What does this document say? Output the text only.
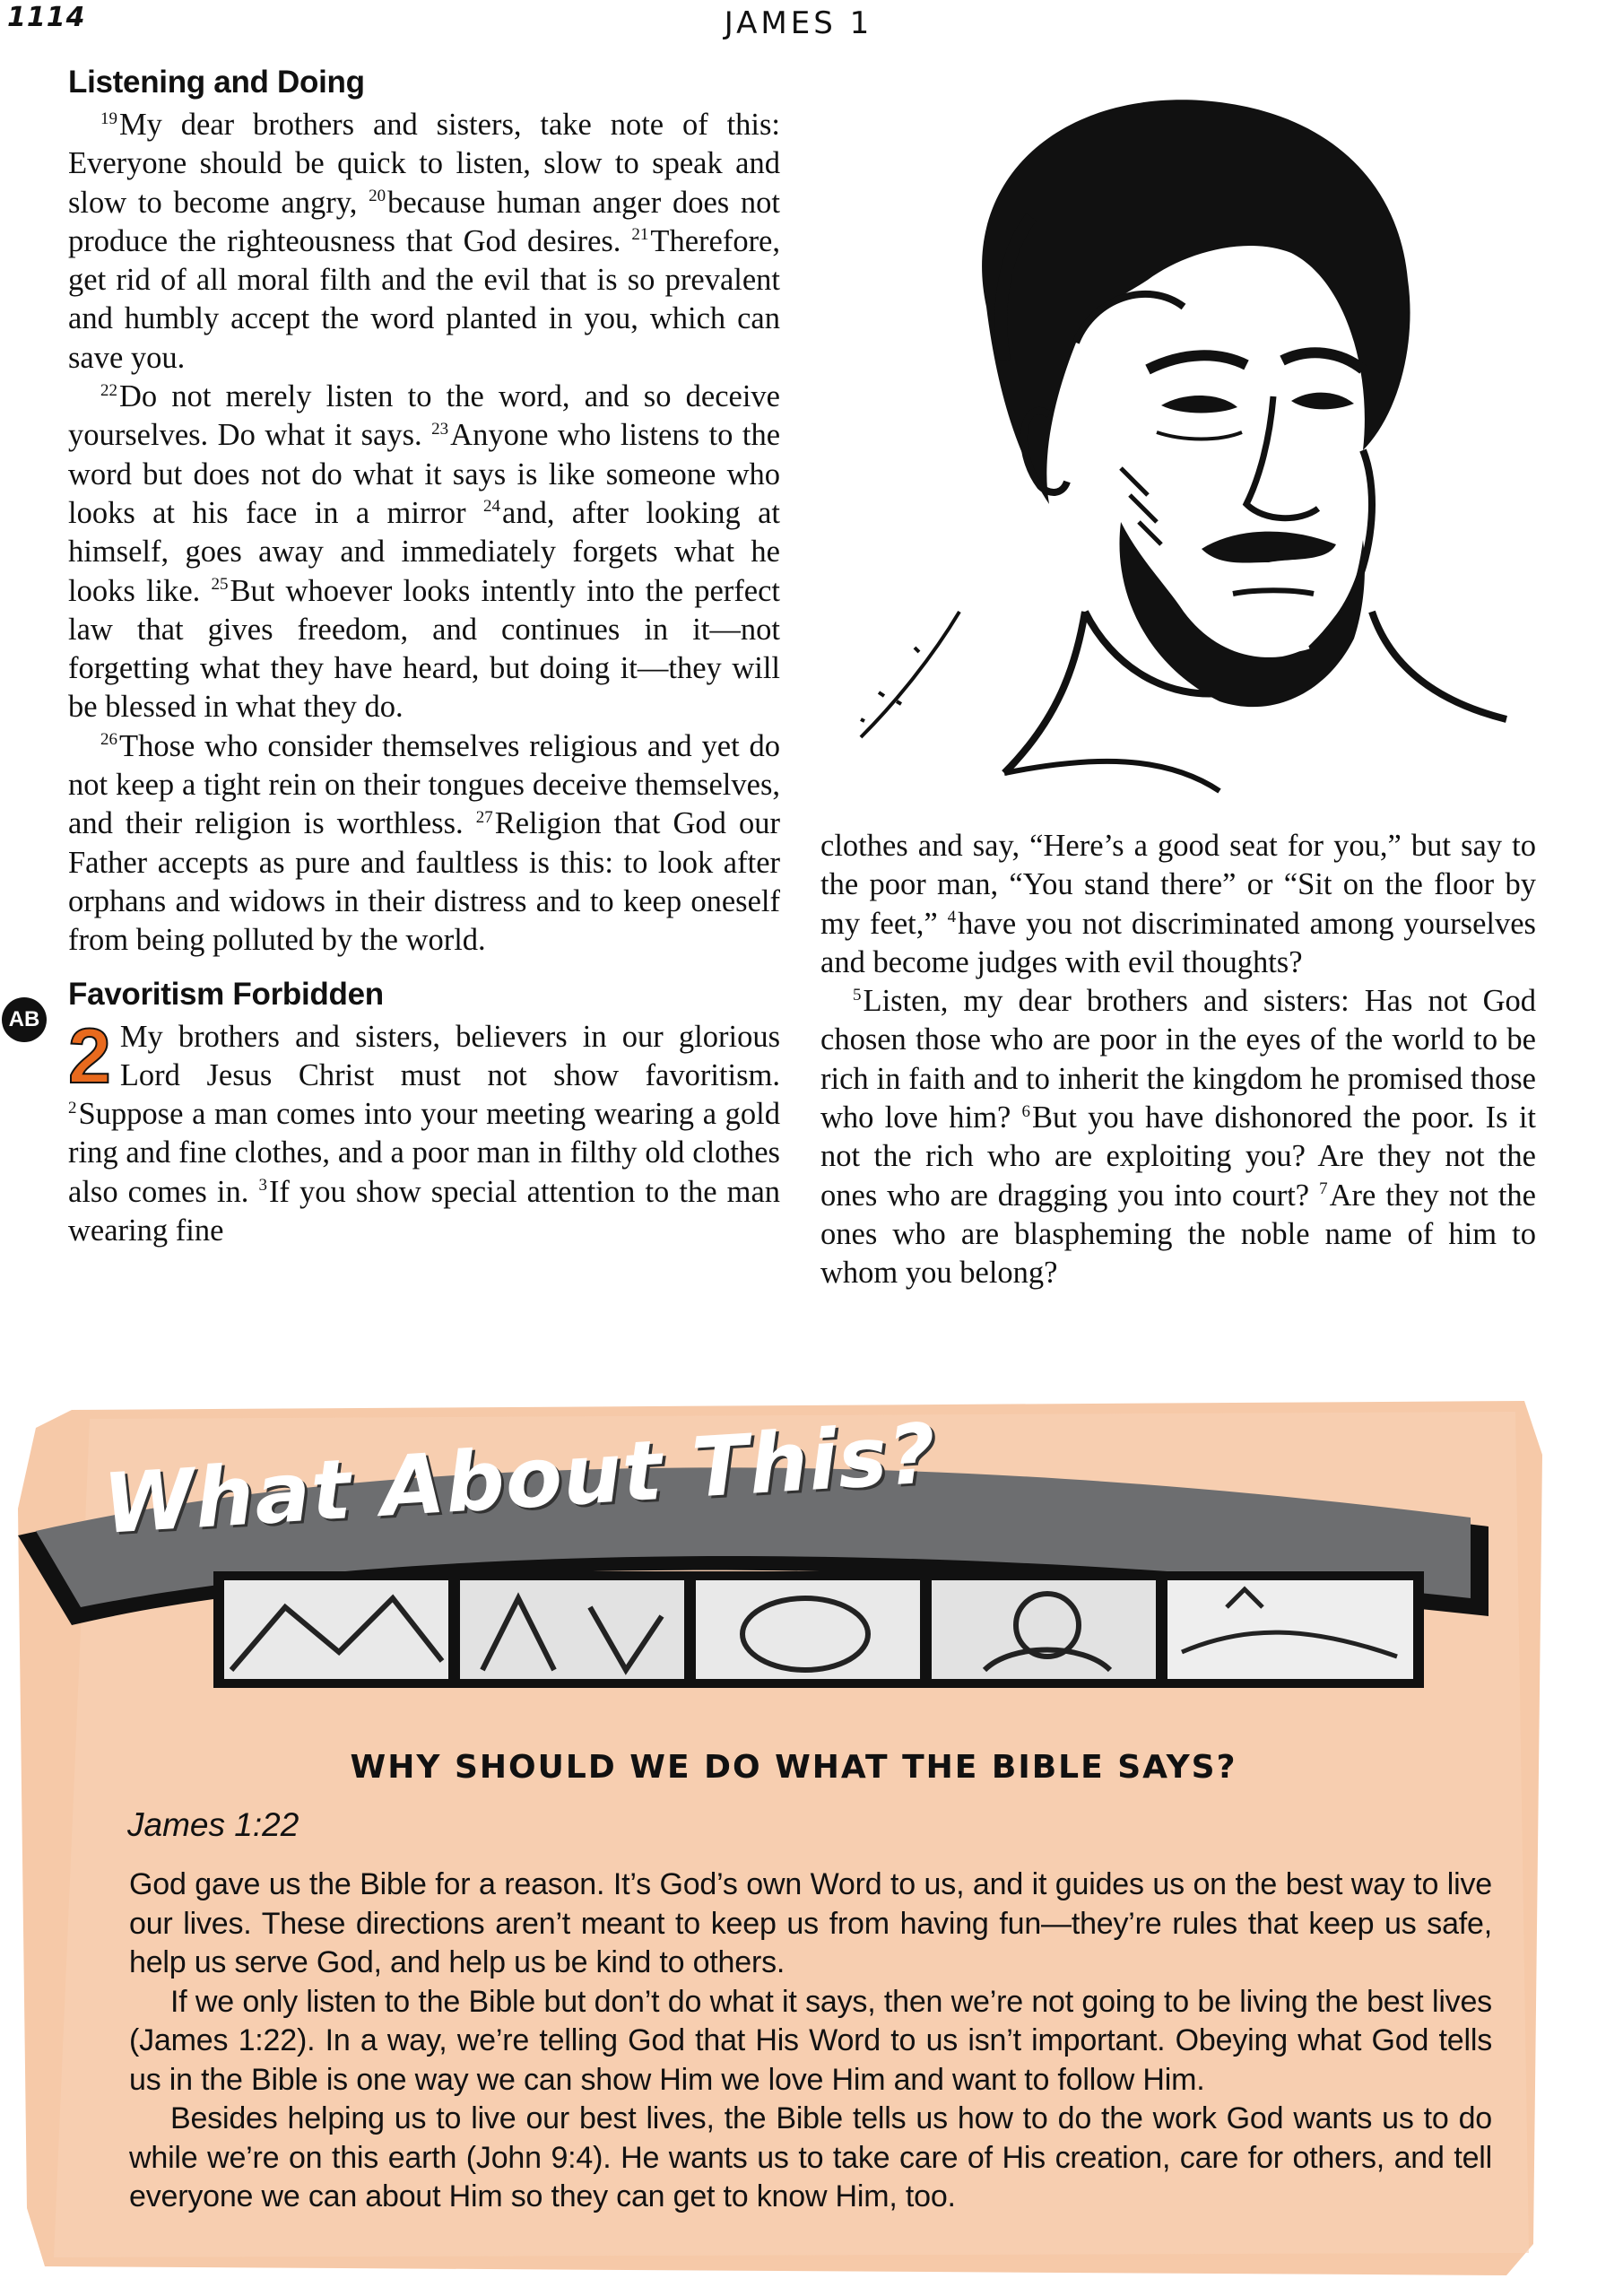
1114	JAMES 1
Listening and Doing

$^{19}$My dear brothers and sisters, take note of this: Everyone should be quick to listen, slow to speak and slow to become angry, $^{20}$because human anger does not produce the righteousness that God desires. $^{21}$Therefore, get rid of all moral filth and the evil that is so prevalent and humbly accept the word planted in you, which can save you.

$^{22}$Do not merely listen to the word, and so deceive yourselves. Do what it says. $^{23}$Anyone who listens to the word but does not do what it says is like someone who looks at his face in a mirror $^{24}$and, after looking at himself, goes away and immediately forgets what he looks like. $^{25}$But whoever looks intently into the perfect law that gives freedom, and continues in it—not forgetting what they have heard, but doing it—they will be blessed in what they do.

$^{26}$Those who consider themselves religious and yet do not keep a tight rein on their tongues deceive themselves, and their religion is worthless. $^{27}$Religion that God our Father accepts as pure and faultless is this: to look after orphans and widows in their distress and to keep oneself from being polluted by the world.

Favoritism Forbidden

2 My brothers and sisters, believers in our glorious Lord Jesus Christ must not show favoritism. $^2$Suppose a man comes into your meeting wearing a gold ring and fine clothes, and a poor man in filthy old clothes also comes in. $^3$If you show special attention to the man wearing fine

AB

clothes and say, “Here’s a good seat for you,” but say to the poor man, “You stand there” or “Sit on the floor by my feet,” $^4$have you not discriminated among yourselves and become judges with evil thoughts?

$^5$Listen, my dear brothers and sisters: Has not God chosen those who are poor in the eyes of the world to be rich in faith and to inherit the kingdom he promised those who love him? $^6$But you have dishonored the poor. Is it not the rich who are exploiting you? Are they not the ones who are dragging you into court? $^7$Are they not the ones who are blaspheming the noble name of him to whom you belong?

What About This?
WHY SHOULD WE DO WHAT THE BIBLE SAYS?
James 1:22

God gave us the Bible for a reason. It’s God’s own Word to us, and it guides us on the best way to live our lives. These directions aren’t meant to keep us from having fun—they’re rules that keep us safe, help us serve God, and help us be kind to others.

If we only listen to the Bible but don’t do what it says, then we’re not going to be living the best lives (James 1:22). In a way, we’re telling God that His Word to us isn’t important. Obeying what God tells us in the Bible is one way we can show Him we love Him and want to follow Him.

Besides helping us to live our best lives, the Bible tells us how to do the work God wants us to do while we’re on this earth (John 9:4). He wants us to take care of His creation, care for others, and tell everyone we can about Him so they can get to know Him, too.
